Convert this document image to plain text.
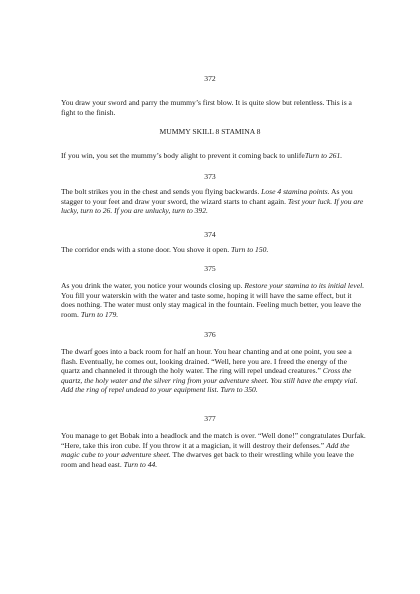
372

You draw your sword and parry the mummy’s first blow. It is quite slow but relentless. This is a fight to the finish.

MUMMY SKILL 8 STAMINA 8

If you win, you set the mummy’s body alight to prevent it coming back to unlifeTurn to 261.

373

The bolt strikes you in the chest and sends you flying backwards. Lose 4 stamina points. As you stagger to your feet and draw your sword, the wizard starts to chant again. Test your luck. If you are lucky, turn to 26. If you are unlucky, turn to 392.

374

The corridor ends with a stone door. You shove it open. Turn to 150.

375

As you drink the water, you notice your wounds closing up. Restore your stamina to its initial level. You fill your waterskin with the water and taste some, hoping it will have the same effect, but it does nothing. The water must only stay magical in the fountain. Feeling much better, you leave the room. Turn to 179.

376

The dwarf goes into a back room for half an hour. You hear chanting and at one point, you see a flash. Eventually, he comes out, looking drained. “Well, here you are. I freed the energy of the quartz and channeled it through the holy water. The ring will repel undead creatures.” Cross the quartz, the holy water and the silver ring from your adventure sheet. You still have the empty vial. Add the ring of repel undead to your equipment list. Turn to 350.

377

You manage to get Bobak into a headlock and the match is over. “Well done!” congratulates Durfak. “Here, take this iron cube. If you throw it at a magician, it will destroy their defenses.” Add the magic cube to your adventure sheet. The dwarves get back to their wrestling while you leave the room and head east. Turn to 44.
